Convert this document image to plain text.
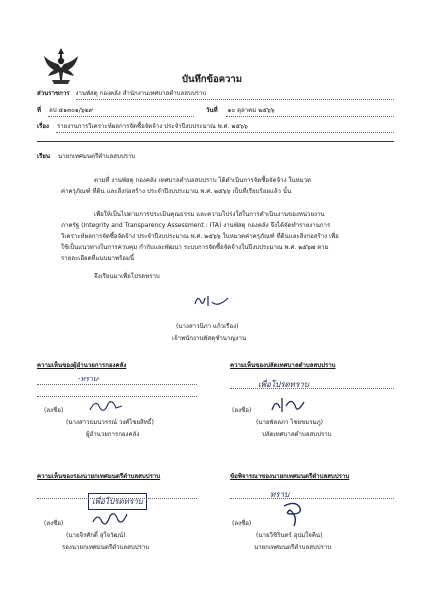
บันทึกข้อความ
ส่วนราชการ งานพัสดุ กองคลัง สำนักงานเทศบาลตำบลสบปราบ
ที่ ลป ๕๑๓๐๑/๖๒๙	วันที่ ๑๐ ตุลาคม ๒๕๖๖
เรื่อง รายงานการวิเคราะห์ผลการจัดซื้อจัดจ้าง ประจำปีงบประมาณ พ.ศ. ๒๕๖๖
เรียน นายกเทศมนตรีตำบลสบปราบ
ตามที่ งานพัสดุ กองคลัง เทศบาลตำบลสบปราบ ได้ดำเนินการจัดซื้อจัดจ้าง ในหมวด
ค่าครุภัณฑ์ ที่ดิน และสิ่งก่อสร้าง ประจำปีงบประมาณ พ.ศ. ๒๕๖๖ เป็นที่เรียบร้อยแล้ว นั้น
เพื่อให้เป็นไปตามการประเมินคุณธรรม และความโปร่งใสในการดำเนินงานของหน่วยงาน
ภาครัฐ (Integrity and Transparency Assessment : ITA) งานพัสดุ กองคลัง จึงได้จัดทำรายงานการ
วิเคราะห์ผลการจัดซื้อจัดจ้าง ประจำปีงบประมาณ พ.ศ. ๒๕๖๖ ในหมวดค่าครุภัณฑ์ ที่ดินและสิ่งก่อสร้าง เพื่อ
ใช้เป็นแนวทางในการควบคุม กำกับและพัฒนา ระบบการจัดซื้อจัดจ้างในปีงบประมาณ พ.ศ. ๒๕๖๗ ตาม
รายละเอียดที่แนบมาพร้อมนี้
จึงเรียนมาเพื่อโปรดทราบ
(นางสาวนิภา แก้วเรือง)
เจ้าพนักงานพัสดุชำนาญงาน
ความเห็นของผู้อำนวยการกองคลัง
-ทราบ-
(ลงชื่อ)
(นางสาวธมนวรรณ์ วงศ์ไชยสิทธิ์)
ผู้อำนวยการกองคลัง
ความเห็นของปลัดเทศบาลตำบลสบปราบ
เพื่อโปรดทราบ
(ลงชื่อ)
(นายพัลลภา ไชยขมรมภู)
ปลัดเทศบาลตำบลสบปราบ
ความเห็นของรองนายกเทศมนตรีตำบลสบปราบ
เพื่อโปรดทราบ
(ลงชื่อ)
(นายจิรศักดิ์ สุใจวัฒน์)
รองนายกเทศมนตรีตำบลสบปราบ
ข้อพิจารณาของนายกเทศมนตรีตำบลสบปราบ
ทราบ
(ลงชื่อ)
(นายวิชิรินทร์ อุปมใจคิน)
นายกเทศมนตรีตำบลสบปราบ
